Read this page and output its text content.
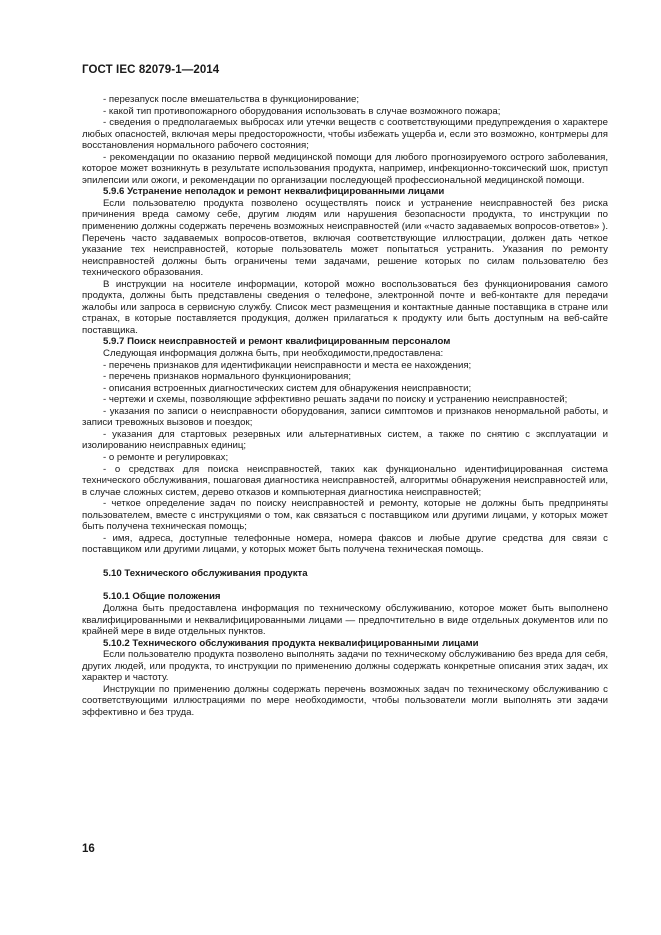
ГОСТ IEC 82079-1—2014

- перезапуск после вмешательства в функционирование;

- какой тип противопожарного оборудования использовать в случае возможного пожара;

- сведения о предполагаемых выбросах или утечки веществ с соответствующими предупреждения о характере любых опасностей, включая меры предосторожности, чтобы избежать ущерба и, если это возможно, контрмеры для восстановления нормального рабочего состояния;

- рекомендации по оказанию первой медицинской помощи для любого прогнозируемого острого заболевания, которое может возникнуть в результате использования продукта, например, инфекционно-токсический шок, приступ эпилепсии или ожоги, и рекомендации по организации последующей профессиональной медицинской помощи.

5.9.6 Устранение неполадок и ремонт неквалифицированными лицами

Если пользователю продукта позволено осуществлять поиск и устранение неисправностей без риска причинения вреда самому себе, другим людям или нарушения безопасности продукта, то инструкции по применению должны содержать перечень возможных неисправностей (или «часто задаваемых вопросов-ответов» ). Перечень часто задаваемых вопросов-ответов, включая соответствующие иллюстрации, должен дать четкое указание тех неисправностей, которые пользователь может попытаться устранить. Указания по ремонту неисправностей должны быть ограничены теми задачами, решение которых по силам пользователю без технического образования.

В инструкции на носителе информации, которой можно воспользоваться без функционирования самого продукта, должны быть представлены сведения о телефоне, электронной почте и веб-контакте для передачи жалобы или запроса в сервисную службу. Список мест размещения и контактные данные поставщика в стране или странах, в которые поставляется продукция, должен прилагаться к продукту или быть доступным на веб-сайте поставщика.

5.9.7 Поиск неисправностей и ремонт квалифицированным персоналом

Следующая информация должна быть, при необходимости,предоставлена:

- перечень признаков для идентификации неисправности и места ее нахождения;

- перечень признаков нормального функционирования;

- описания встроенных диагностических систем для обнаружения неисправности;

- чертежи и схемы, позволяющие эффективно решать задачи по поиску и устранению неисправностей;

- указания по записи о неисправности оборудования, записи симптомов и признаков ненормальной работы, и записи тревожных вызовов и поездок;

- указания для стартовых резервных или альтернативных систем, а также по снятию с эксплуатации и изолированию неисправных единиц;

- о ремонте и регулировках;

- о средствах для поиска неисправностей, таких как функционально идентифицированная система технического обслуживания, пошаговая диагностика неисправностей, алгоритмы обнаружения неисправностей или, в случае сложных систем, дерево отказов и компьютерная диагностика неисправностей;

- четкое определение задач по поиску неисправностей и ремонту, которые не должны быть предприняты пользователем, вместе с инструкциями о том, как связаться с поставщиком или другими лицами, у которых может быть получена техническая помощь;

- имя, адреса, доступные телефонные номера, номера факсов и любые другие средства для связи с поставщиком или другими лицами, у которых может быть получена техническая помощь.

5.10 Технического обслуживания продукта

5.10.1 Общие положения

Должна быть предоставлена информация по техническому обслуживанию, которое может быть выполнено квалифицированными и неквалифицированными лицами — предпочтительно в виде отдельных документов или по крайней мере в виде отдельных пунктов.

5.10.2 Технического обслуживания продукта неквалифицированными лицами

Если пользователю продукта позволено выполнять задачи по техническому обслуживанию без вреда для себя, других людей, или продукта, то инструкции по применению должны содержать конкретные описания этих задач, их характер и частоту.

Инструкции по применению должны содержать перечень возможных задач по техническому обслуживанию с соответствующими иллюстрациями по мере необходимости, чтобы пользователи могли выполнять эти задачи эффективно и без труда.

16
